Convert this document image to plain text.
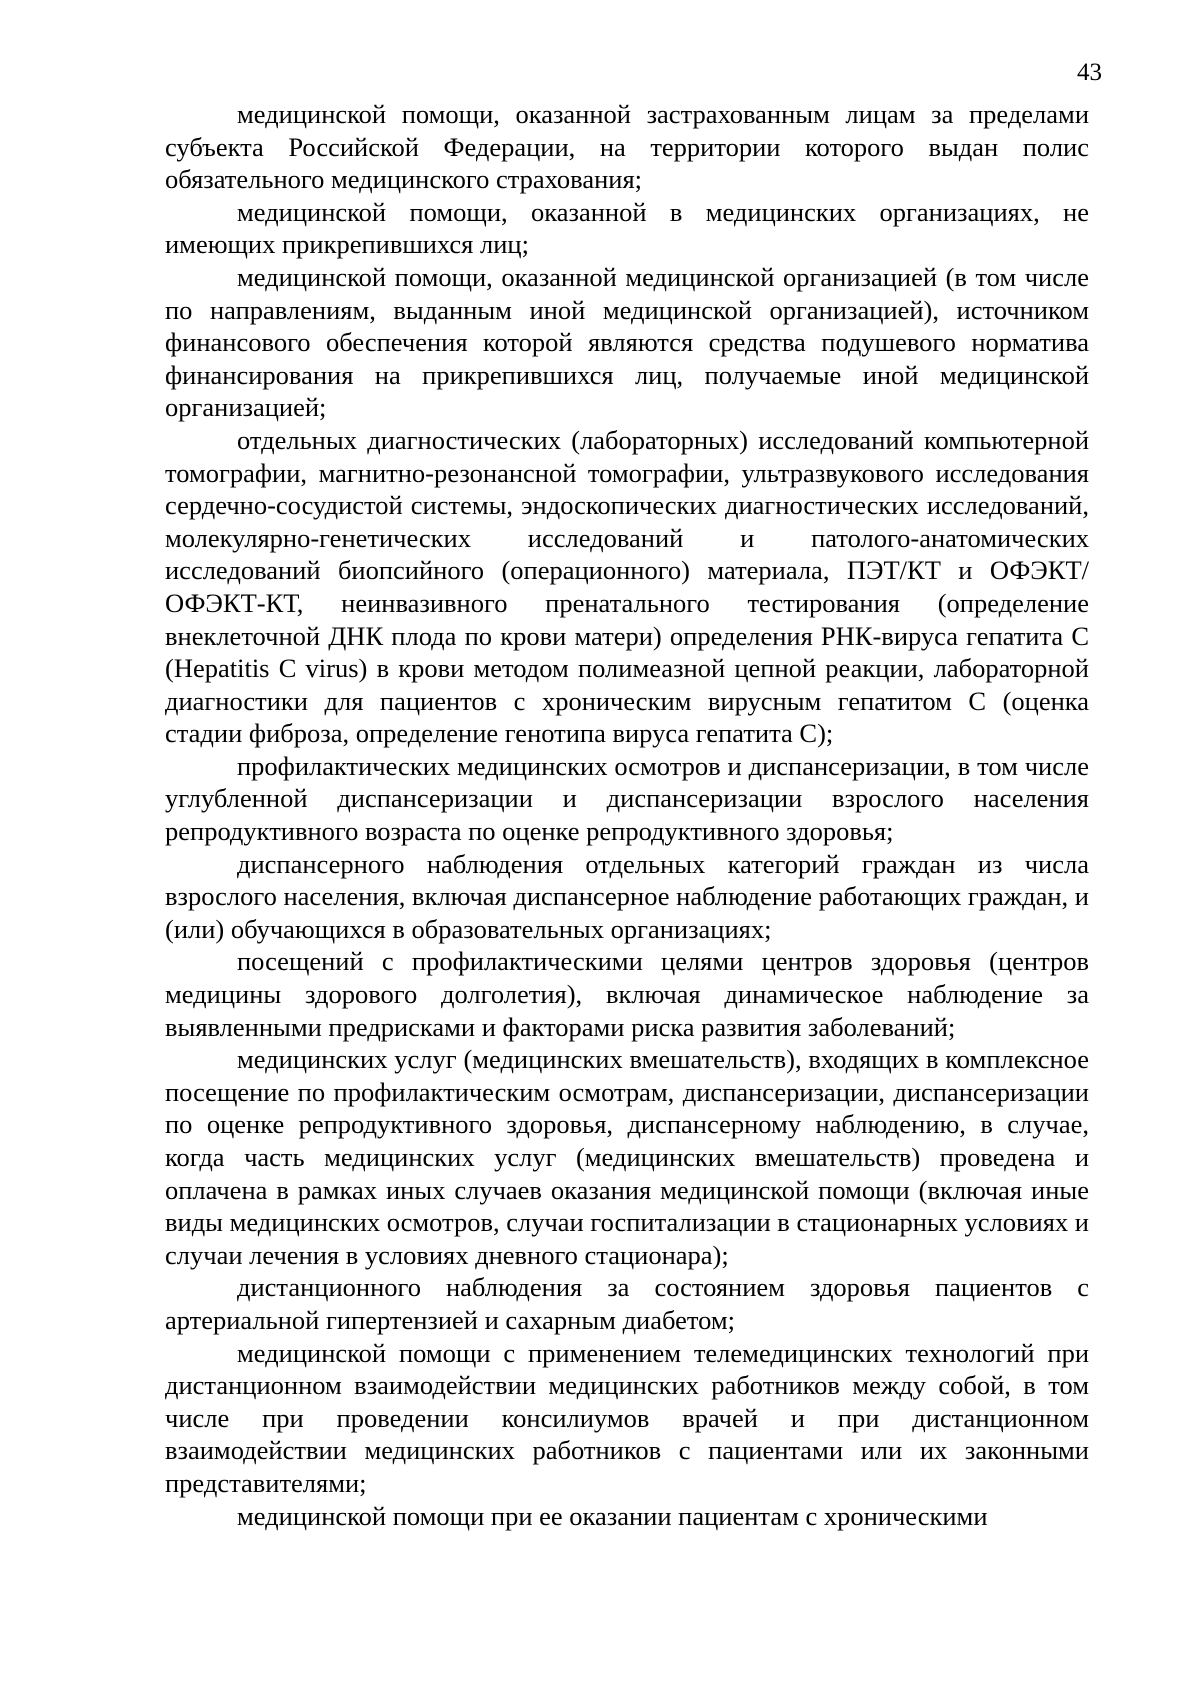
43

медицинской помощи, оказанной застрахованным лицам за пределами субъекта Российской Федерации, на территории которого выдан полис обязательного медицинского страхования;

медицинской помощи, оказанной в медицинских организациях, не имеющих прикрепившихся лиц;

медицинской помощи, оказанной медицинской организацией (в том числе по направлениям, выданным иной медицинской организацией), источником финансового обеспечения которой являются средства подушевого норматива финансирования на прикрепившихся лиц, получаемые иной медицинской организацией;

отдельных диагностических (лабораторных) исследований компьютерной томографии, магнитно-резонансной томографии, ультразвукового исследования сердечно-сосудистой системы, эндоскопических диагностических исследований, молекулярно-генетических исследований и патолого-анатомических исследований биопсийного (операционного) материала, ПЭТ/КТ и ОФЭКТ/ОФЭКТ-КТ, неинвазивного пренатального тестирования (определение внеклеточной ДНК плода по крови матери) определения РНК-вируса гепатита С (Hepatitis С virus) в крови методом полимеазной цепной реакции, лабораторной диагностики для пациентов с хроническим вирусным гепатитом С (оценка стадии фиброза, определение генотипа вируса гепатита С);

профилактических медицинских осмотров и диспансеризации, в том числе углубленной диспансеризации и диспансеризации взрослого населения репродуктивного возраста по оценке репродуктивного здоровья;

диспансерного наблюдения отдельных категорий граждан из числа взрослого населения, включая диспансерное наблюдение работающих граждан, и (или) обучающихся в образовательных организациях;

посещений с профилактическими целями центров здоровья (центров медицины здорового долголетия), включая динамическое наблюдение за выявленными предрисками и факторами риска развития заболеваний;

медицинских услуг (медицинских вмешательств), входящих в комплексное посещение по профилактическим осмотрам, диспансеризации, диспансеризации по оценке репродуктивного здоровья, диспансерному наблюдению, в случае, когда часть медицинских услуг (медицинских вмешательств) проведена и оплачена в рамках иных случаев оказания медицинской помощи (включая иные виды медицинских осмотров, случаи госпитализации в стационарных условиях и случаи лечения в условиях дневного стационара);

дистанционного наблюдения за состоянием здоровья пациентов с артериальной гипертензией и сахарным диабетом;

медицинской помощи с применением телемедицинских технологий при дистанционном взаимодействии медицинских работников между собой, в том числе при проведении консилиумов врачей и при дистанционном взаимодействии медицинских работников с пациентами или их законными представителями;

медицинской помощи при ее оказании пациентам с хроническими
